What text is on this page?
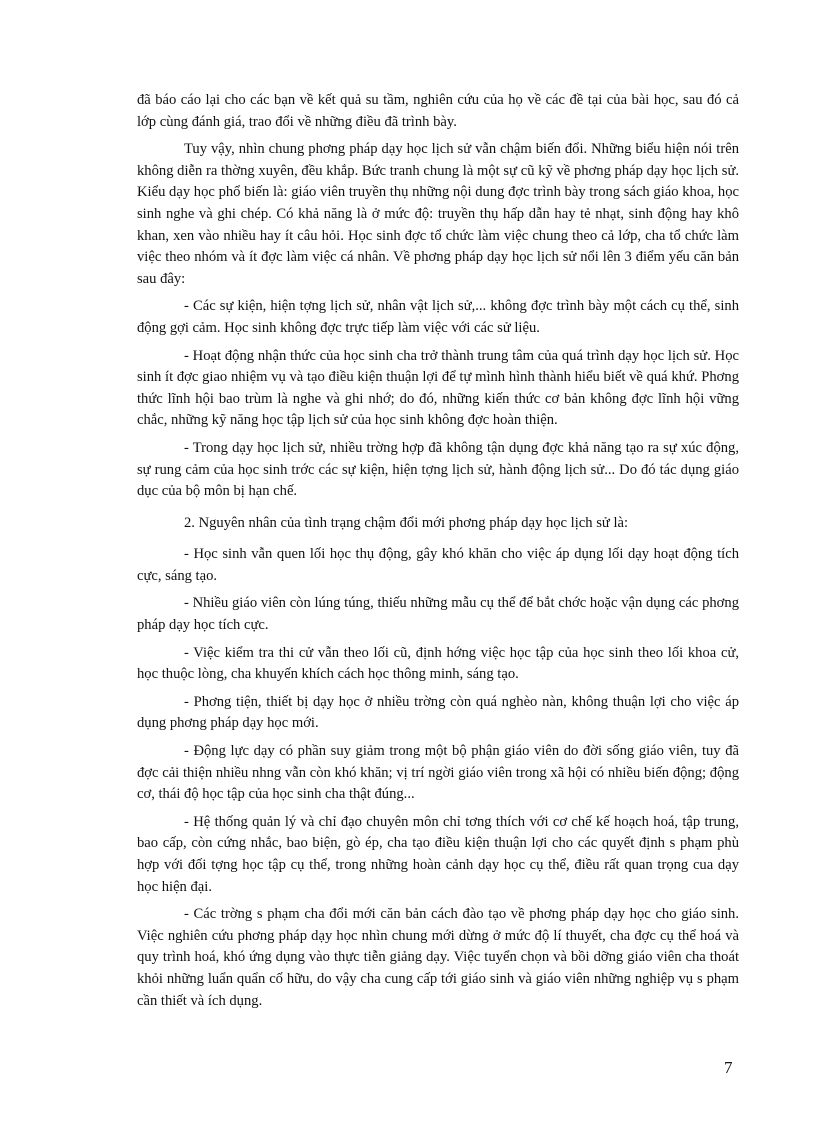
đã báo cáo lại cho các bạn về kết quả su tầm, nghiên cứu của họ về các đề tại của bài học, sau đó cả lớp cùng đánh giá, trao đổi về những điều đã trình bày.

Tuy vậy, nhìn chung phơng pháp dạy học lịch sử vẫn chậm biến đổi. Những biểu hiện nói trên không diễn ra thờng xuyên, đều khắp. Bức tranh chung là một sự cũ kỹ về phơng pháp dạy học lịch sử. Kiểu dạy học phổ biến là: giáo viên truyền thụ những nội dung đợc trình bày trong sách giáo khoa, học sinh nghe và ghi chép. Có khả năng là ở mức độ: truyền thụ hấp dẫn hay tẻ nhạt, sinh động hay khô khan, xen vào nhiều hay ít câu hỏi. Học sinh đợc tổ chức làm việc chung theo cả lớp, cha tổ chức làm việc theo nhóm và ít đợc làm việc cá nhân. Về phơng pháp dạy học lịch sử nổi lên 3 điểm yếu căn bản sau đây:

- Các sự kiện, hiện tợng lịch sử, nhân vật lịch sử,... không đợc trình bày một cách cụ thể, sinh động gợi cảm. Học sinh không đợc trực tiếp làm việc với các sử liệu.

- Hoạt động nhận thức của học sinh cha trở thành trung tâm của quá trình dạy học lịch sử. Học sinh ít đợc giao nhiệm vụ và tạo điều kiện thuận lợi để tự mình hình thành hiểu biết về quá khứ. Phơng thức lĩnh hội bao trùm là nghe và ghi nhớ; do đó, những kiến thức cơ bản không đợc lĩnh hội vững chắc, những kỹ năng học tập lịch sử của học sinh không đợc hoàn thiện.

- Trong dạy học lịch sử, nhiều trờng hợp đã không tận dụng đợc khả năng tạo ra sự xúc động, sự rung cảm của học sinh trớc các sự kiện, hiện tợng lịch sử, hành động lịch sử... Do đó tác dụng giáo dục của bộ môn bị hạn chế.

2. Nguyên nhân của tình trạng chậm đổi mới phơng pháp dạy học lịch sử là:

- Học sinh vẫn quen lối học thụ động, gây khó khăn cho việc áp dụng lối dạy hoạt động tích cực, sáng tạo.

- Nhiều giáo viên còn lúng túng, thiếu những mẫu cụ thể để bắt chớc hoặc vận dụng các phơng pháp dạy học tích cực.

- Việc kiểm tra thi cử vẫn theo lối cũ, định hớng việc học tập của học sinh theo lối khoa cử, học thuộc lòng, cha khuyến khích cách học thông minh, sáng tạo.

- Phơng tiện, thiết bị dạy học ở nhiều trờng còn quá nghèo nàn, không thuận lợi cho việc áp dụng phơng pháp dạy học mới.

- Động lực dạy có phần suy giảm trong một bộ phận giáo viên do đời sống giáo viên, tuy đã đợc cải thiện nhiều nhng vẫn còn khó khăn; vị trí ngời giáo viên trong xã hội có nhiều biến động; động cơ, thái độ học tập của học sinh cha thật đúng...

- Hệ thống quản lý và chỉ đạo chuyên môn chỉ tơng thích với cơ chế kế hoạch hoá, tập trung, bao cấp, còn cứng nhắc, bao biện, gò ép, cha tạo điều kiện thuận lợi cho các quyết định s phạm phù hợp với đối tợng học tập cụ thể, trong những hoàn cảnh dạy học cụ thể, điều rất quan trọng cua dạy học hiện đại.

- Các trờng s phạm cha đổi mới căn bản cách đào tạo về phơng pháp dạy học cho giáo sinh. Việc nghiên cứu phơng pháp dạy học nhìn chung mới dừng ở mức độ lí thuyết, cha đợc cụ thể hoá và quy trình hoá, khó ứng dụng vào thực tiễn giảng dạy. Việc tuyển chọn và bồi dỡng giáo viên cha thoát khỏi những luẩn quẩn cố hữu, do vậy cha cung cấp tới giáo sinh và giáo viên những nghiệp vụ s phạm cần thiết và ích dụng.

7
